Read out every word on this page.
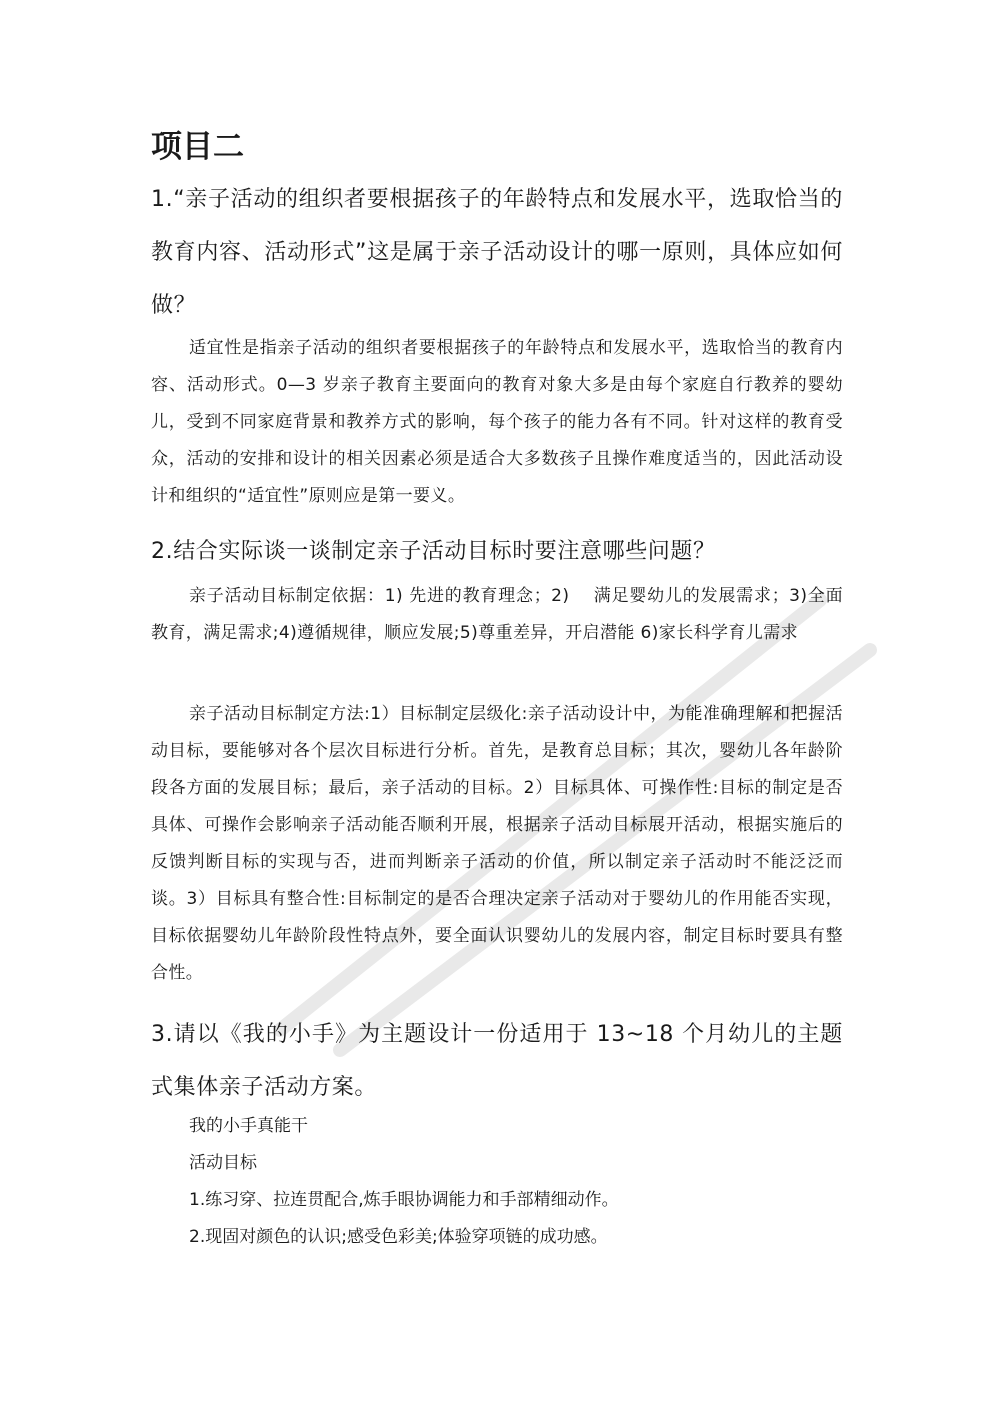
项目二
1.“亲子活动的组织者要根据孩子的年龄特点和发展水平，选取恰当的教育内容、活动形式”这是属于亲子活动设计的哪一原则，具体应如何做？
适宜性是指亲子活动的组织者要根据孩子的年龄特点和发展水平，选取恰当的教育内容、活动形式。0—3 岁亲子教育主要面向的教育对象大多是由每个家庭自行教养的婴幼儿，受到不同家庭背景和教养方式的影响，每个孩子的能力各有不同。针对这样的教育受众，活动的安排和设计的相关因素必须是适合大多数孩子且操作难度适当的，因此活动设计和组织的“适宜性”原则应是第一要义。
2.结合实际谈一谈制定亲子活动目标时要注意哪些问题？
亲子活动目标制定依据：1) 先进的教育理念；2)　 满足婴幼儿的发展需求；3)全面教育，满足需求;4)遵循规律，顺应发展;5)尊重差异，开启潜能 6)家长科学育儿需求
亲子活动目标制定方法:1）目标制定层级化:亲子活动设计中，为能准确理解和把握活动目标，要能够对各个层次目标进行分析。首先，是教育总目标；其次，婴幼儿各年龄阶段各方面的发展目标；最后，亲子活动的目标。2）目标具体、可操作性:目标的制定是否具体、可操作会影响亲子活动能否顺利开展，根据亲子活动目标展开活动，根据实施后的反馈判断目标的实现与否，进而判断亲子活动的价值，所以制定亲子活动时不能泛泛而谈。3）目标具有整合性:目标制定的是否合理决定亲子活动对于婴幼儿的作用能否实现，目标依据婴幼儿年龄阶段性特点外，要全面认识婴幼儿的发展内容，制定目标时要具有整合性。
3.请以《我的小手》为主题设计一份适用于 13~18 个月幼儿的主题式集体亲子活动方案。
我的小手真能干
活动目标
1.练习穿、拉连贯配合,炼手眼协调能力和手部精细动作。
2.现固对颜色的认识;感受色彩美;体验穿项链的成功感。
